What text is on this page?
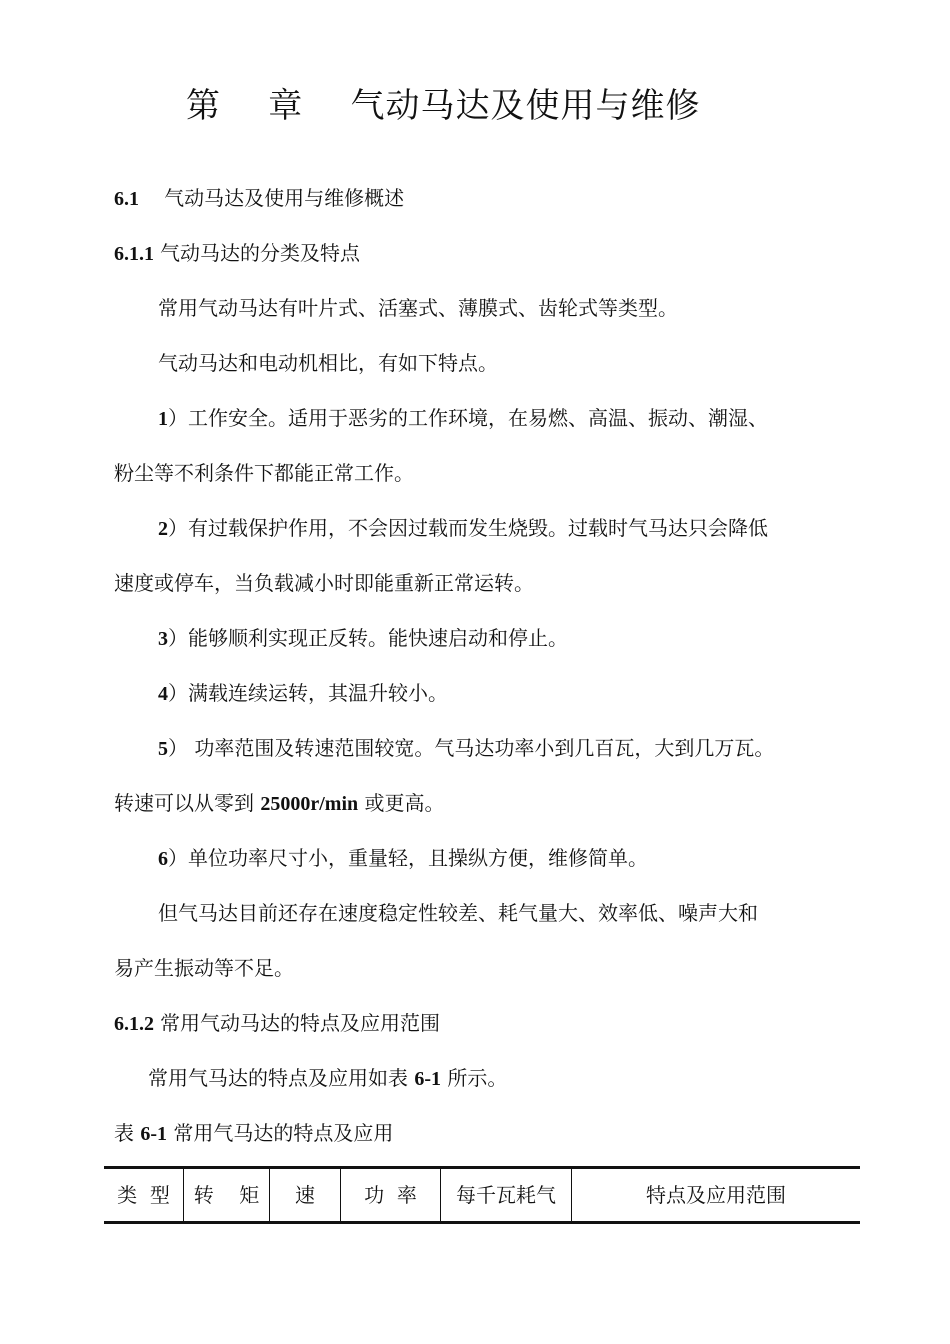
第    章    气动马达及使用与维修
6.1 气动马达及使用与维修概述
6.1.1 气动马达的分类及特点
常用气动马达有叶片式、活塞式、薄膜式、齿轮式等类型。
气动马达和电动机相比，有如下特点。
1）工作安全。适用于恶劣的工作环境，在易燃、高温、振动、潮湿、
粉尘等不利条件下都能正常工作。
2）有过载保护作用，不会因过载而发生烧毁。过载时气马达只会降低
速度或停车，当负载减小时即能重新正常运转。
3）能够顺利实现正反转。能快速启动和停止。
4）满载连续运转，其温升较小。
5） 功率范围及转速范围较宽。气马达功率小到几百瓦，大到几万瓦。
转速可以从零到 25000r/min 或更高。
6）单位功率尺寸小，重量轻，且操纵方便，维修简单。
但气马达目前还存在速度稳定性较差、耗气量大、效率低、噪声大和
易产生振动等不足。
6.1.2 常用气动马达的特点及应用范围
常用气马达的特点及应用如表 6-1 所示。
表 6-1 常用气马达的特点及应用
类  型	转    矩	速	功  率	每千瓦耗气	特点及应用范围
